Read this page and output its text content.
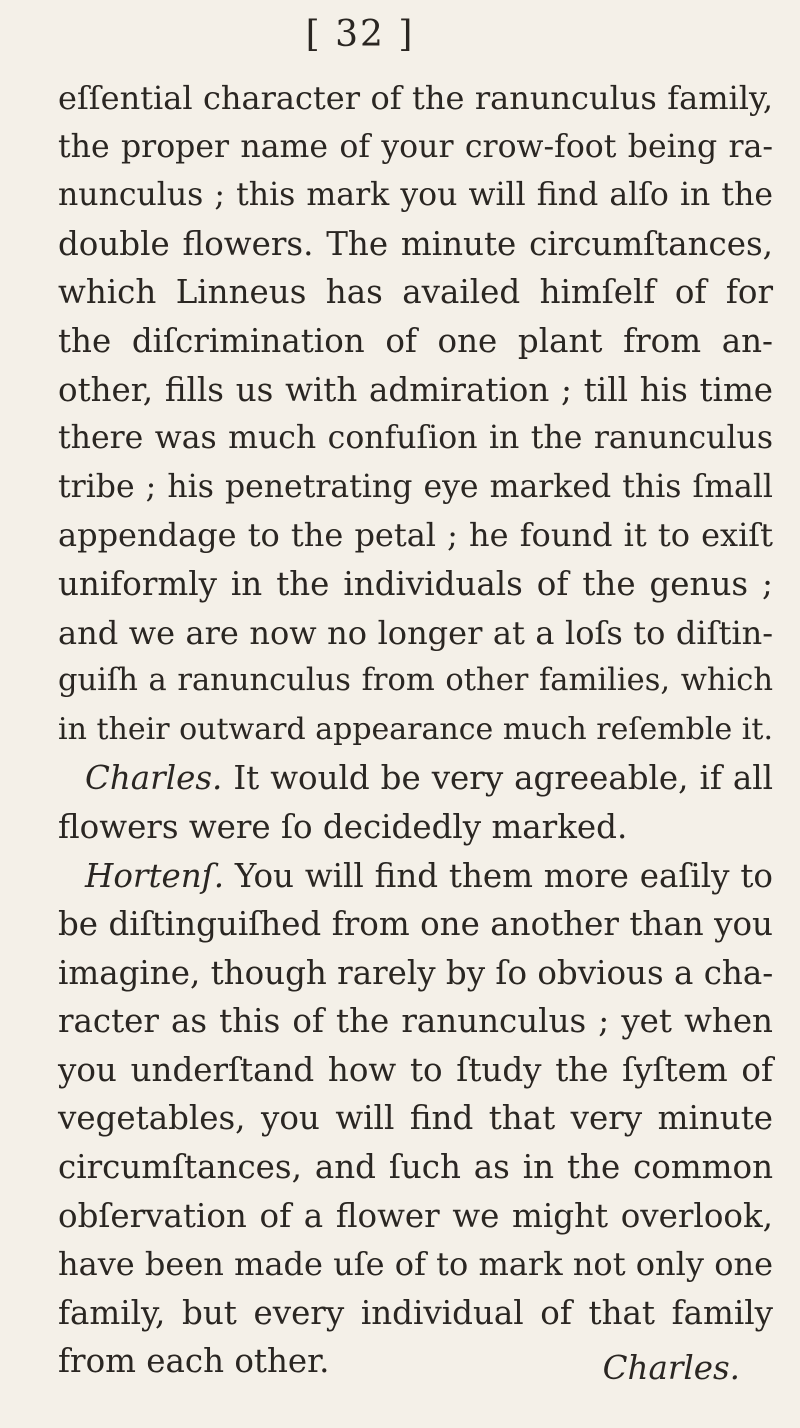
[ 32 ]
eſſential character of the ranunculus family,
the proper name of your crow-foot being ra-
nunculus ; this mark you will find alſo in the
double flowers. The minute circumſtances,
which Linneus has availed himſelf of for
the diſcrimination of one plant from an-
other, fills us with admiration ; till his time
there was much confuſion in the ranunculus
tribe ; his penetrating eye marked this ſmall
appendage to the petal ; he found it to exiſt
uniformly in the individuals of the genus ;
and we are now no longer at a loſs to diſtin-
guiſh a ranunculus from other families, which
in their outward appearance much reſemble it.
Charles. It would be very agreeable, if all
flowers were ſo decidedly marked.
Hortenſ. You will find them more eaſily to
be diſtinguiſhed from one another than you
imagine, though rarely by ſo obvious a cha-
racter as this of the ranunculus ; yet when
you underſtand how to ſtudy the ſyſtem of
vegetables, you will find that very minute
circumſtances, and ſuch as in the common
obſervation of a flower we might overlook,
have been made uſe of to mark not only one
family, but every individual of that family
from each other.	Charles.
